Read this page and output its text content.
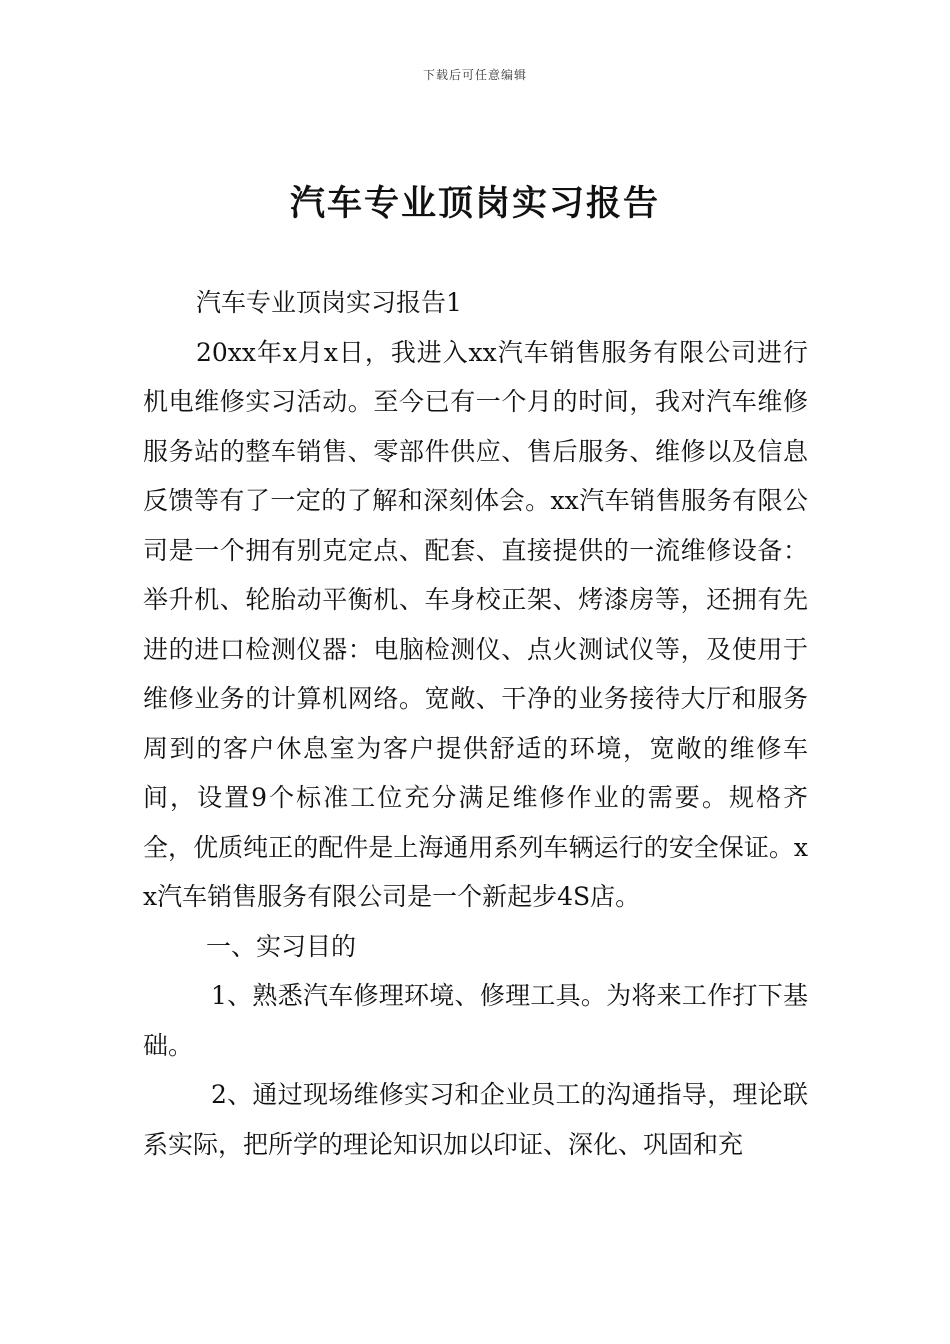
下载后可任意编辑
汽车专业顶岗实习报告

汽车专业顶岗实习报告1

20xx年x月x日，我进入xx汽车销售服务有限公司进行机电维修实习活动。至今已有一个月的时间，我对汽车维修服务站的整车销售、零部件供应、售后服务、维修以及信息反馈等有了一定的了解和深刻体会。xx汽车销售服务有限公司是一个拥有别克定点、配套、直接提供的一流维修设备：举升机、轮胎动平衡机、车身校正架、烤漆房等，还拥有先进的进口检测仪器：电脑检测仪、点火测试仪等，及使用于维修业务的计算机网络。宽敞、干净的业务接待大厅和服务周到的客户休息室为客户提供舒适的环境，宽敞的维修车间，设置9个标准工位充分满足维修作业的需要。规格齐全，优质纯正的配件是上海通用系列车辆运行的安全保证。xx汽车销售服务有限公司是一个新起步4S店。

一、实习目的

1、熟悉汽车修理环境、修理工具。为将来工作打下基础。

2、通过现场维修实习和企业员工的沟通指导，理论联系实际，把所学的理论知识加以印证、深化、巩固和充
